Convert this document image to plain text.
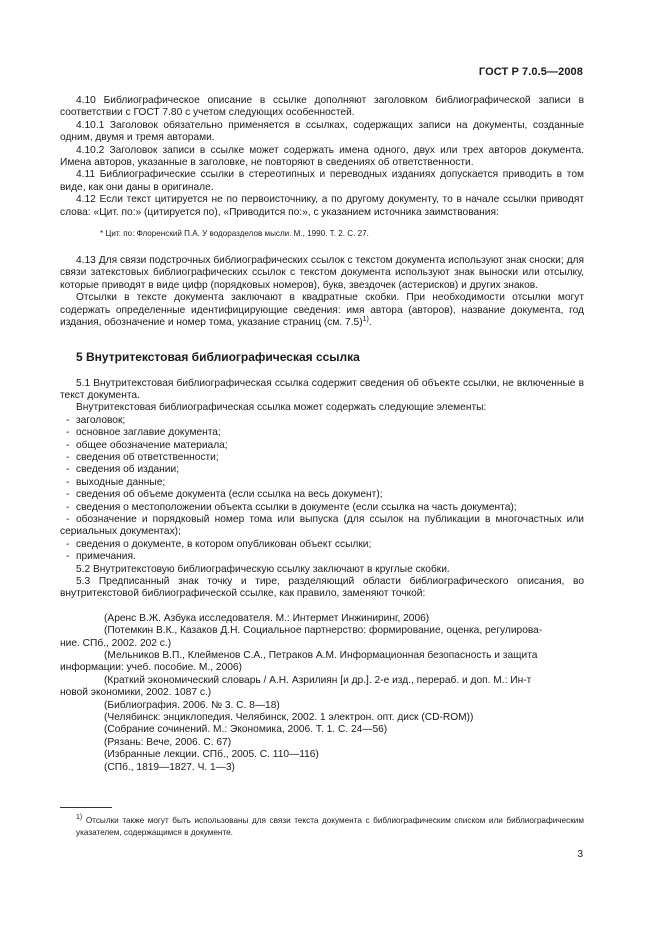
ГОСТ Р 7.0.5—2008

4.10 Библиографическое описание в ссылке дополняют заголовком библиографической записи в соответствии с ГОСТ 7.80 с учетом следующих особенностей.

4.10.1 Заголовок обязательно применяется в ссылках, содержащих записи на документы, созданные одним, двумя и тремя авторами.

4.10.2 Заголовок записи в ссылке может содержать имена одного, двух или трех авторов документа. Имена авторов, указанные в заголовке, не повторяют в сведениях об ответственности.

4.11 Библиографические ссылки в стереотипных и переводных изданиях допускается приводить в том виде, как они даны в оригинале.

4.12 Если текст цитируется не по первоисточнику, а по другому документу, то в начале ссылки приводят слова: «Цит. по:» (цитируется по), «Приводится по:», с указанием источника заимствования:

* Цит. по: Флоренский П.А. У водоразделов мысли. М., 1990. Т. 2. С. 27.

4.13 Для связи подстрочных библиографических ссылок с текстом документа используют знак сноски; для связи затекстовых библиографических ссылок с текстом документа используют знак выноски или отсылку, которые приводят в виде цифр (порядковых номеров), букв, звездочек (астерисков) и других знаков.

Отсылки в тексте документа заключают в квадратные скобки. При необходимости отсылки могут содержать определенные идентифицирующие сведения: имя автора (авторов), название документа, год издания, обозначение и номер тома, указание страниц (см. 7.5)$^{1)}$.

5 Внутритекстовая библиографическая ссылка

5.1 Внутритекстовая библиографическая ссылка содержит сведения об объекте ссылки, не включенные в текст документа.

Внутритекстовая библиографическая ссылка может содержать следующие элементы:

- заголовок;
- основное заглавие документа;
- общее обозначение материала;
- сведения об ответственности;
- сведения об издании;
- выходные данные;
- сведения об объеме документа (если ссылка на весь документ);
- сведения о местоположении объекта ссылки в документе (если ссылка на часть документа);
- обозначение и порядковый номер тома или выпуска (для ссылок на публикации в многочастных или сериальных документах);
- сведения о документе, в котором опубликован объект ссылки;
- примечания.

5.2 Внутритекстовую библиографическую ссылку заключают в круглые скобки.

5.3 Предписанный знак точку и тире, разделяющий области библиографического описания, во внутритекстовой библиографической ссылке, как правило, заменяют точкой:

(Аренс В.Ж. Азбука исследователя. М.: Интермет Инжиниринг, 2006)

(Потемкин В.К., Казаков Д.Н. Социальное партнерство: формирование, оценка, регулирова-
ние. СПб., 2002. 202 с.)

(Мельников В.П., Клейменов С.А., Петраков А.М. Информационная безопасность и защита
информации: учеб. пособие. М., 2006)

(Краткий экономический словарь / А.Н. Азрилиян [и др.]. 2-е изд., перераб. и доп. М.: Ин-т
новой экономики, 2002. 1087 с.)

(Библиография. 2006. № 3. С. 8—18)

(Челябинск: энциклопедия. Челябинск, 2002. 1 электрон. опт. диск (CD-ROM))

(Собрание сочинений. М.: Экономика, 2006. Т. 1. С. 24—56)

(Рязань: Вече, 2006. С. 67)

(Избранные лекции. СПб., 2005. С. 110—116)

(СПб., 1819—1827. Ч. 1—3)

$^{1)}$ Отсылки также могут быть использованы для связи текста документа с библиографическим списком или библиографическим указателем, содержащимся в документе.

3
